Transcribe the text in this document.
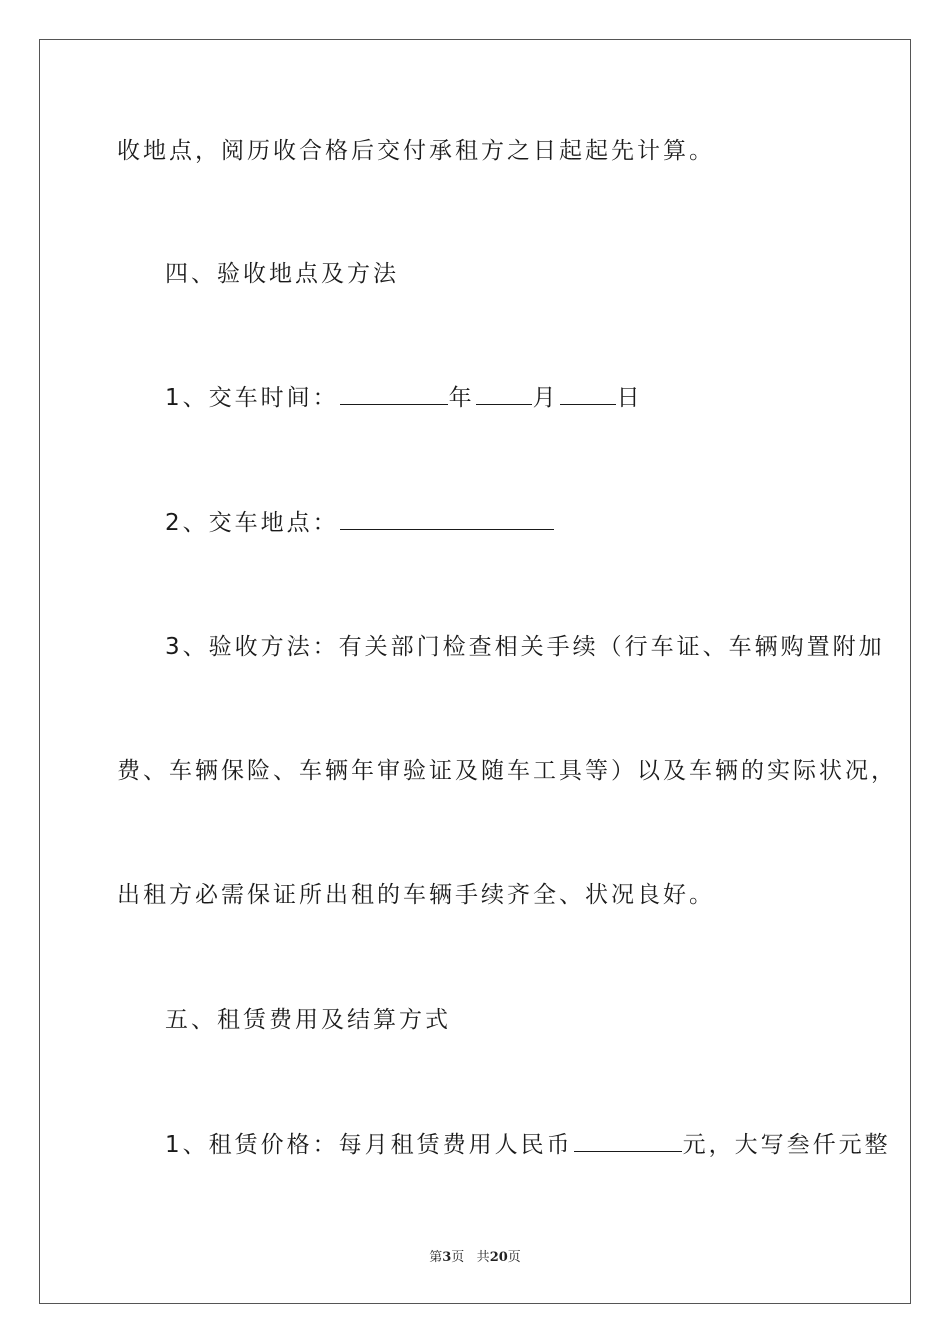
收地点，阅历收合格后交付承租方之日起起先计算。
四、验收地点及方法
1、交车时间：	年	月	日
2、交车地点：
3、验收方法：有关部门检查相关手续（行车证、车辆购置附加
费、车辆保险、车辆年审验证及随车工具等）以及车辆的实际状况，
出租方必需保证所出租的车辆手续齐全、状况良好。
五、租赁费用及结算方式
1、租赁价格：每月租赁费用人民币	元，大写叁仟元整
第3页 共20页
